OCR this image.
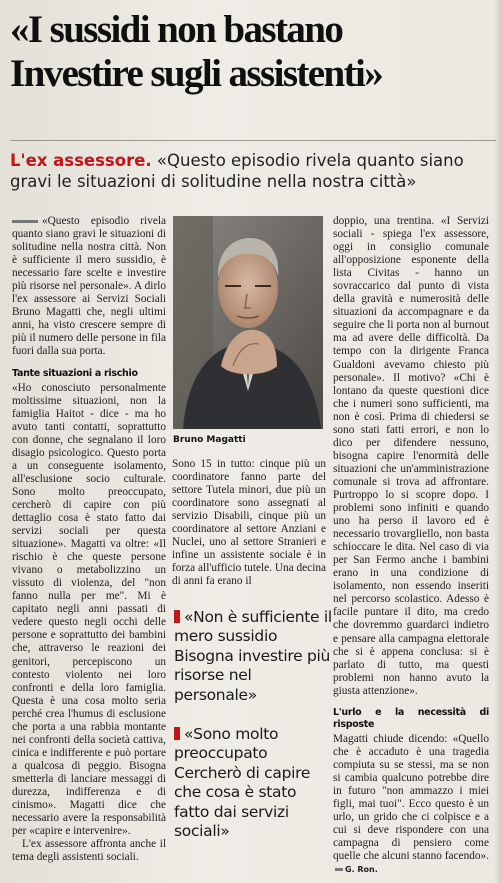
«I sussidi non bastano
Investire sugli assistenti»
L'ex assessore. «Questo episodio rivela quanto siano gravi le situazioni di solitudine nella nostra città»

«Questo episodio rivela quanto siano gravi le situazioni di solitudine nella nostra città. Non è sufficiente il mero sussidio, è necessario fare scelte e investire più risorse nel personale». A dirlo l'ex assessore ai Servizi Sociali Bruno Magatti che, negli ultimi anni, ha visto crescere sempre di più il numero delle persone in fila fuori dalla sua porta.

Tante situazioni a rischio

«Ho conosciuto personalmente moltissime situazioni, non la famiglia Haitot - dice - ma ho avuto tanti contatti, soprattutto con donne, che segnalano il loro disagio psicologico. Questo porta a un conseguente isolamento, all'esclusione socio culturale. Sono molto preoccupato, cercherò di capire con più dettaglio cosa è stato fatto dai servizi sociali per questa situazione». Magatti va oltre: «Il rischio è che queste persone vivano o metabolizzino un vissuto di violenza, del "non fanno nulla per me". Mi è capitato negli anni passati di vedere questo negli occhi delle persone e soprattutto dei bambini che, attraverso le reazioni dei genitori, percepiscono un contesto violento nei loro confronti e della loro famiglia. Questa è una cosa molto seria perché crea l'humus di esclusione che porta a una rabbia montante nei confronti della società cattiva, cinica e indifferente e può portare a qualcosa di peggio. Bisogna smetterla di lanciare messaggi di durezza, indifferenza e di cinismo». Magatti dice che necessario avere la responsabilità per «capire e intervenire».

L'ex assessore affronta anche il tema degli assistenti sociali.

Bruno Magatti

Sono 15 in tutto: cinque più un coordinatore fanno parte del settore Tutela minori, due più un coordinatore sono assegnati al servizio Disabili, cinque più un coordinatore al settore Anziani e Nuclei, uno al settore Stranieri e infine un assistente sociale è in forza all'ufficio tutele. Una decina di anni fa erano il

«Non è sufficiente il mero sussidio Bisogna investire più risorse nel personale»
«Sono molto preoccupato Cercherò di capire che cosa è stato fatto dai servizi sociali»

doppio, una trentina. «I Servizi sociali - spiega l'ex assessore, oggi in consiglio comunale all'opposizione esponente della lista Civitas - hanno un sovraccarico dal punto di vista della gravità e numerosità delle situazioni da accompagnare e da seguire che li porta non al burnout ma ad avere delle difficoltà. Da tempo con la dirigente Franca Gualdoni avevamo chiesto più personale». Il motivo? «Chi è lontano da queste questioni dice che i numeri sono sufficienti, ma non è così. Prima di chiedersi se sono stati fatti errori, e non lo dico per difendere nessuno, bisogna capire l'enormità delle situazioni che un'amministrazione comunale si trova ad affrontare. Purtroppo lo si scopre dopo. I problemi sono infiniti e quando uno ha perso il lavoro ed è necessario trovargliello, non basta schioccare le dita. Nel caso di via per San Fermo anche i bambini erano in una condizione di isolamento, non essendo inseriti nel percorso scolastico. Adesso è facile puntare il dito, ma credo che dovremmo guardarci indietro e pensare alla campagna elettorale che si è appena conclusa: si è parlato di tutto, ma questi problemi non hanno avuto la giusta attenzione».

L'urlo e la necessità di risposte

Magatti chiude dicendo: «Quello che è accaduto è una tragedia compiuta su se stessi, ma se non si cambia qualcuno potrebbe dire in futuro "non ammazzo i miei figli, mai tuoi". Ecco questo è un urlo, un grido che ci colpisce e a cui si deve rispondere con una campagna di pensiero come quelle che alcuni stanno facendo». G. Ron.
